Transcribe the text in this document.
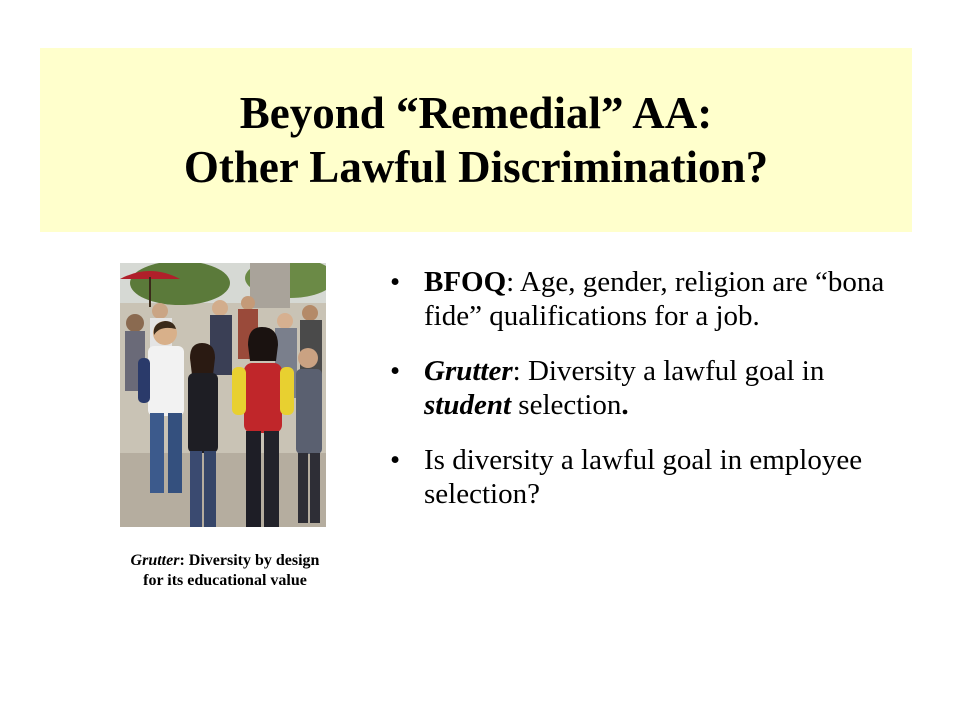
Beyond “Remedial” AA:
Other Lawful Discrimination?
Grutter: Diversity by design
for its educational value
• BFOQ: Age, gender, religion are “bona fide” qualifications for a job.
• Grutter: Diversity a lawful goal in student selection.
• Is diversity a lawful goal in employee selection?
